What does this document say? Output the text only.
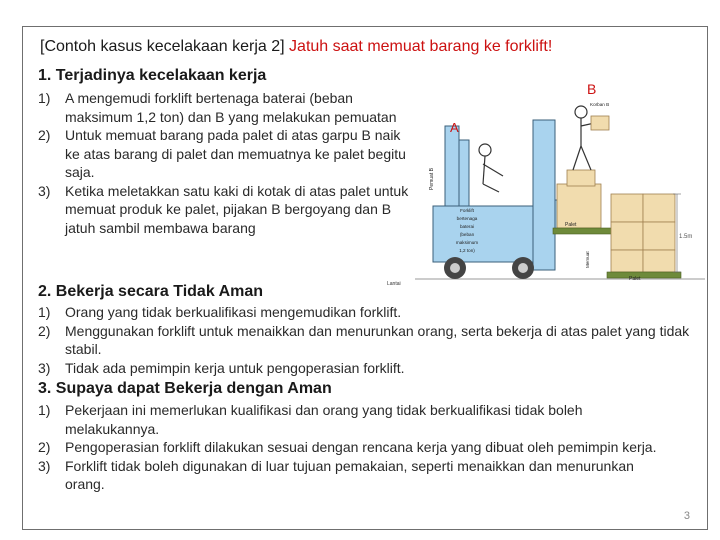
[Contoh kasus kecelakaan kerja 2] Jatuh saat memuat barang ke forklift!
1. Terjadinya kecelakaan kerja
1) A mengemudi forklift bertenaga baterai (beban maksimum 1,2 ton) dan B yang melakukan pemuatan
2) Untuk memuat barang pada palet di atas garpu B naik ke atas barang di palet dan memuatnya ke palet begitu saja.
3) Ketika meletakkan satu kaki di kotak di atas palet untuk memuat produk ke palet, pijakan B bergoyang dan B jatuh sambil membawa barang
Lantai
A
Forklift
bertenaga
baterai
(beban
maksimum
1,2 ton)
Pemuat B
Palet
B
Korban B
Palet
Memuat
1.5m
2. Bekerja secara Tidak Aman
1) Orang yang tidak berkualifikasi mengemudikan forklift.
2) Menggunakan forklift untuk menaikkan dan menurunkan orang, serta bekerja di atas palet yang tidak stabil.
3) Tidak ada pemimpin kerja untuk pengoperasian forklift.
3. Supaya dapat Bekerja dengan Aman
1) Pekerjaan ini memerlukan kualifikasi dan orang yang tidak berkualifikasi tidak boleh melakukannya.
2) Pengoperasian forklift dilakukan sesuai dengan rencana kerja yang dibuat oleh pemimpin kerja.
3) Forklift tidak boleh digunakan di luar tujuan pemakaian, seperti menaikkan dan menurunkan orang.
3
